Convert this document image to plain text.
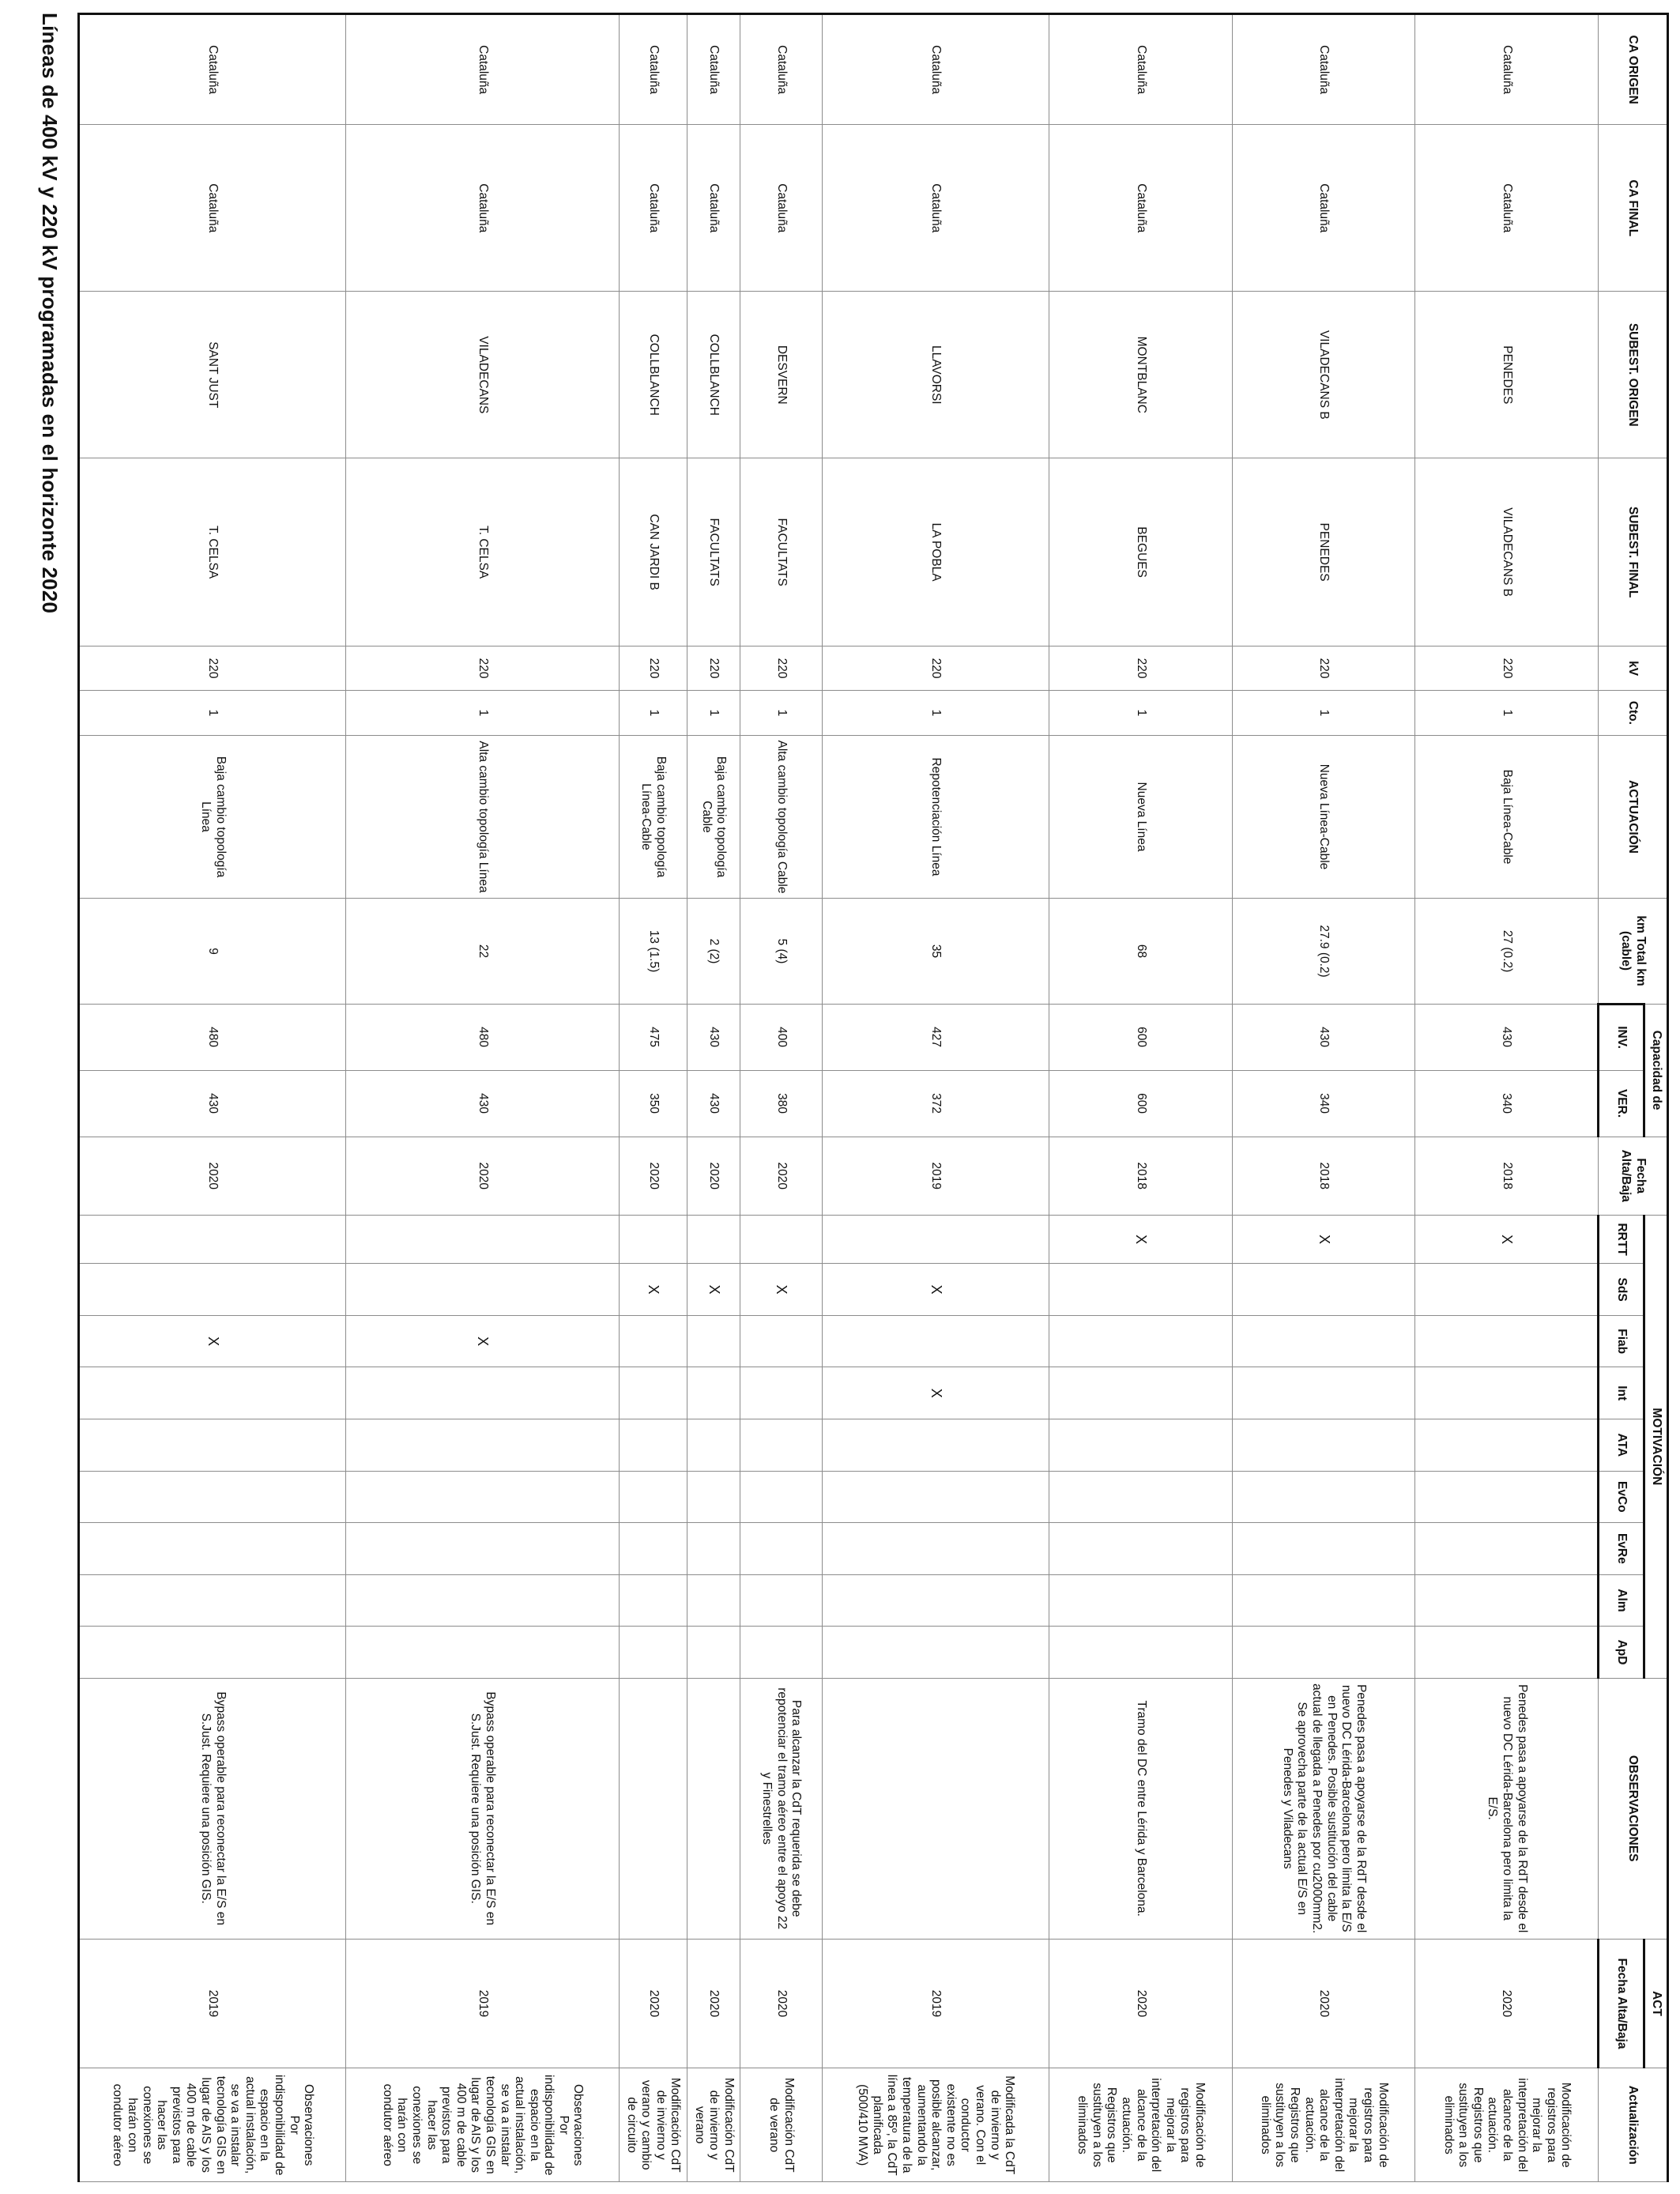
CA ORIGEN	CA FINAL	SUBEST. ORIGEN	SUBEST. FINAL	kV	Cto.	ACTUACIÓN	km Total km (cable)	Capacidad de		Fecha Alta/Baja	MOTIVACIÓN									OBSERVACIONES	ACT	Actualización
								INV.	VER.		RRTT	SdS	Fiab	Int	ATA	EvCo	EvRe	Alm	ApD		Fecha Alta/Baja	
Cataluña	Cataluña	PENEDES	VILADECANS B	220	1	Baja Línea-Cable	27 (0.2)	430	340	2018	X									Penedes pasa a apoyarse de la RdT desde el nuevo DC Lérida-Barcelona pero limita la E/S.	2020	Modificación de registros para mejorar la interpretación del alcance de la actuación. Registros que sustituyen a los eliminados
Cataluña	Cataluña	VILADECANS B	PENEDES	220	1	Nueva Línea-Cable	27.9 (0.2)	430	340	2018	X									Penedes pasa a apoyarse de la RdT desde el nuevo DC Lérida-Barcelona pero limita la E/S en Penedes. Posible sustitución del cable actual de llegada a Penedes por cu2000mm2. Se aprovecha parte de la actual E/S en Penedes y Viladecans	2020	Modificación de registros para mejorar la interpretación del alcance de la actuación. Registros que sustituyen a los eliminados
Cataluña	Cataluña	MONTBLANC	BEGUES	220	1	Nueva Línea	68	600	600	2018	X									Tramo del DC entre Lérida y Barcelona.	2020	Modificación de registros para mejorar la interpretación del alcance de la actuación. Registros que sustituyen a los eliminados
Cataluña	Cataluña	LLAVORSI	LA POBLA	220	1	Repotenciación Línea	35	427	372	2019		X		X							2019	Modificada la CdT de invierno y verano. Con el conductor existente no es posible alcanzar, aumentando la temperatura de la línea a 85º, la CdT planificada (500/410 MVA)
Cataluña	Cataluña	DESVERN	FACULTATS	220	1	Alta cambio topología Cable	5 (4)	400	380	2020		X								Para alcanzar la CdT requerida se debe repotenciar el tramo aéreo entre el apoyo 22 y Finestrelles	2020	Modificación CdT de verano
Cataluña	Cataluña	COLLBLANCH	FACULTATS	220	1	Baja cambio topología Cable	2 (2)	430	430	2020		X									2020	Modificación CdT de invierno y verano
Cataluña	Cataluña	COLLBLANCH	CAN JARDI B	220	1	Baja cambio topología Línea-Cable	13 (1.5)	475	350	2020		X									2020	Modificación CdT de invierno y verano y cambio de circuito
Cataluña	Cataluña	VILADECANS	T. CELSA	220	1	Alta cambio topología Línea	22	480	430	2020			X							Bypass operable para reconectar la E/S en S.Just. Requiere una posición GIS.	2019	Observaciones Por indisponibilidad de espacio en la actual instalación, se va a instalar tecnología GIS en lugar de AIS y los 400 m de cable previstos para hacer las conexiones se harán con condutor aéreo
Cataluña	Cataluña	SANT JUST	T. CELSA	220	1	Baja cambio topología Línea	9	480	430	2020			X							Bypass operable para reconectar la E/S en S.Just. Requiere una posición GIS.	2019	Observaciones Por indisponibilidad de espacio en la actual instalación, se va a instalar tecnología GIS en lugar de AIS y los 400 m de cable previstos para hacer las conexiones se harán con condutor aéreo
Líneas de 400 kV y 220 kV programadas en el horizonte 2020
